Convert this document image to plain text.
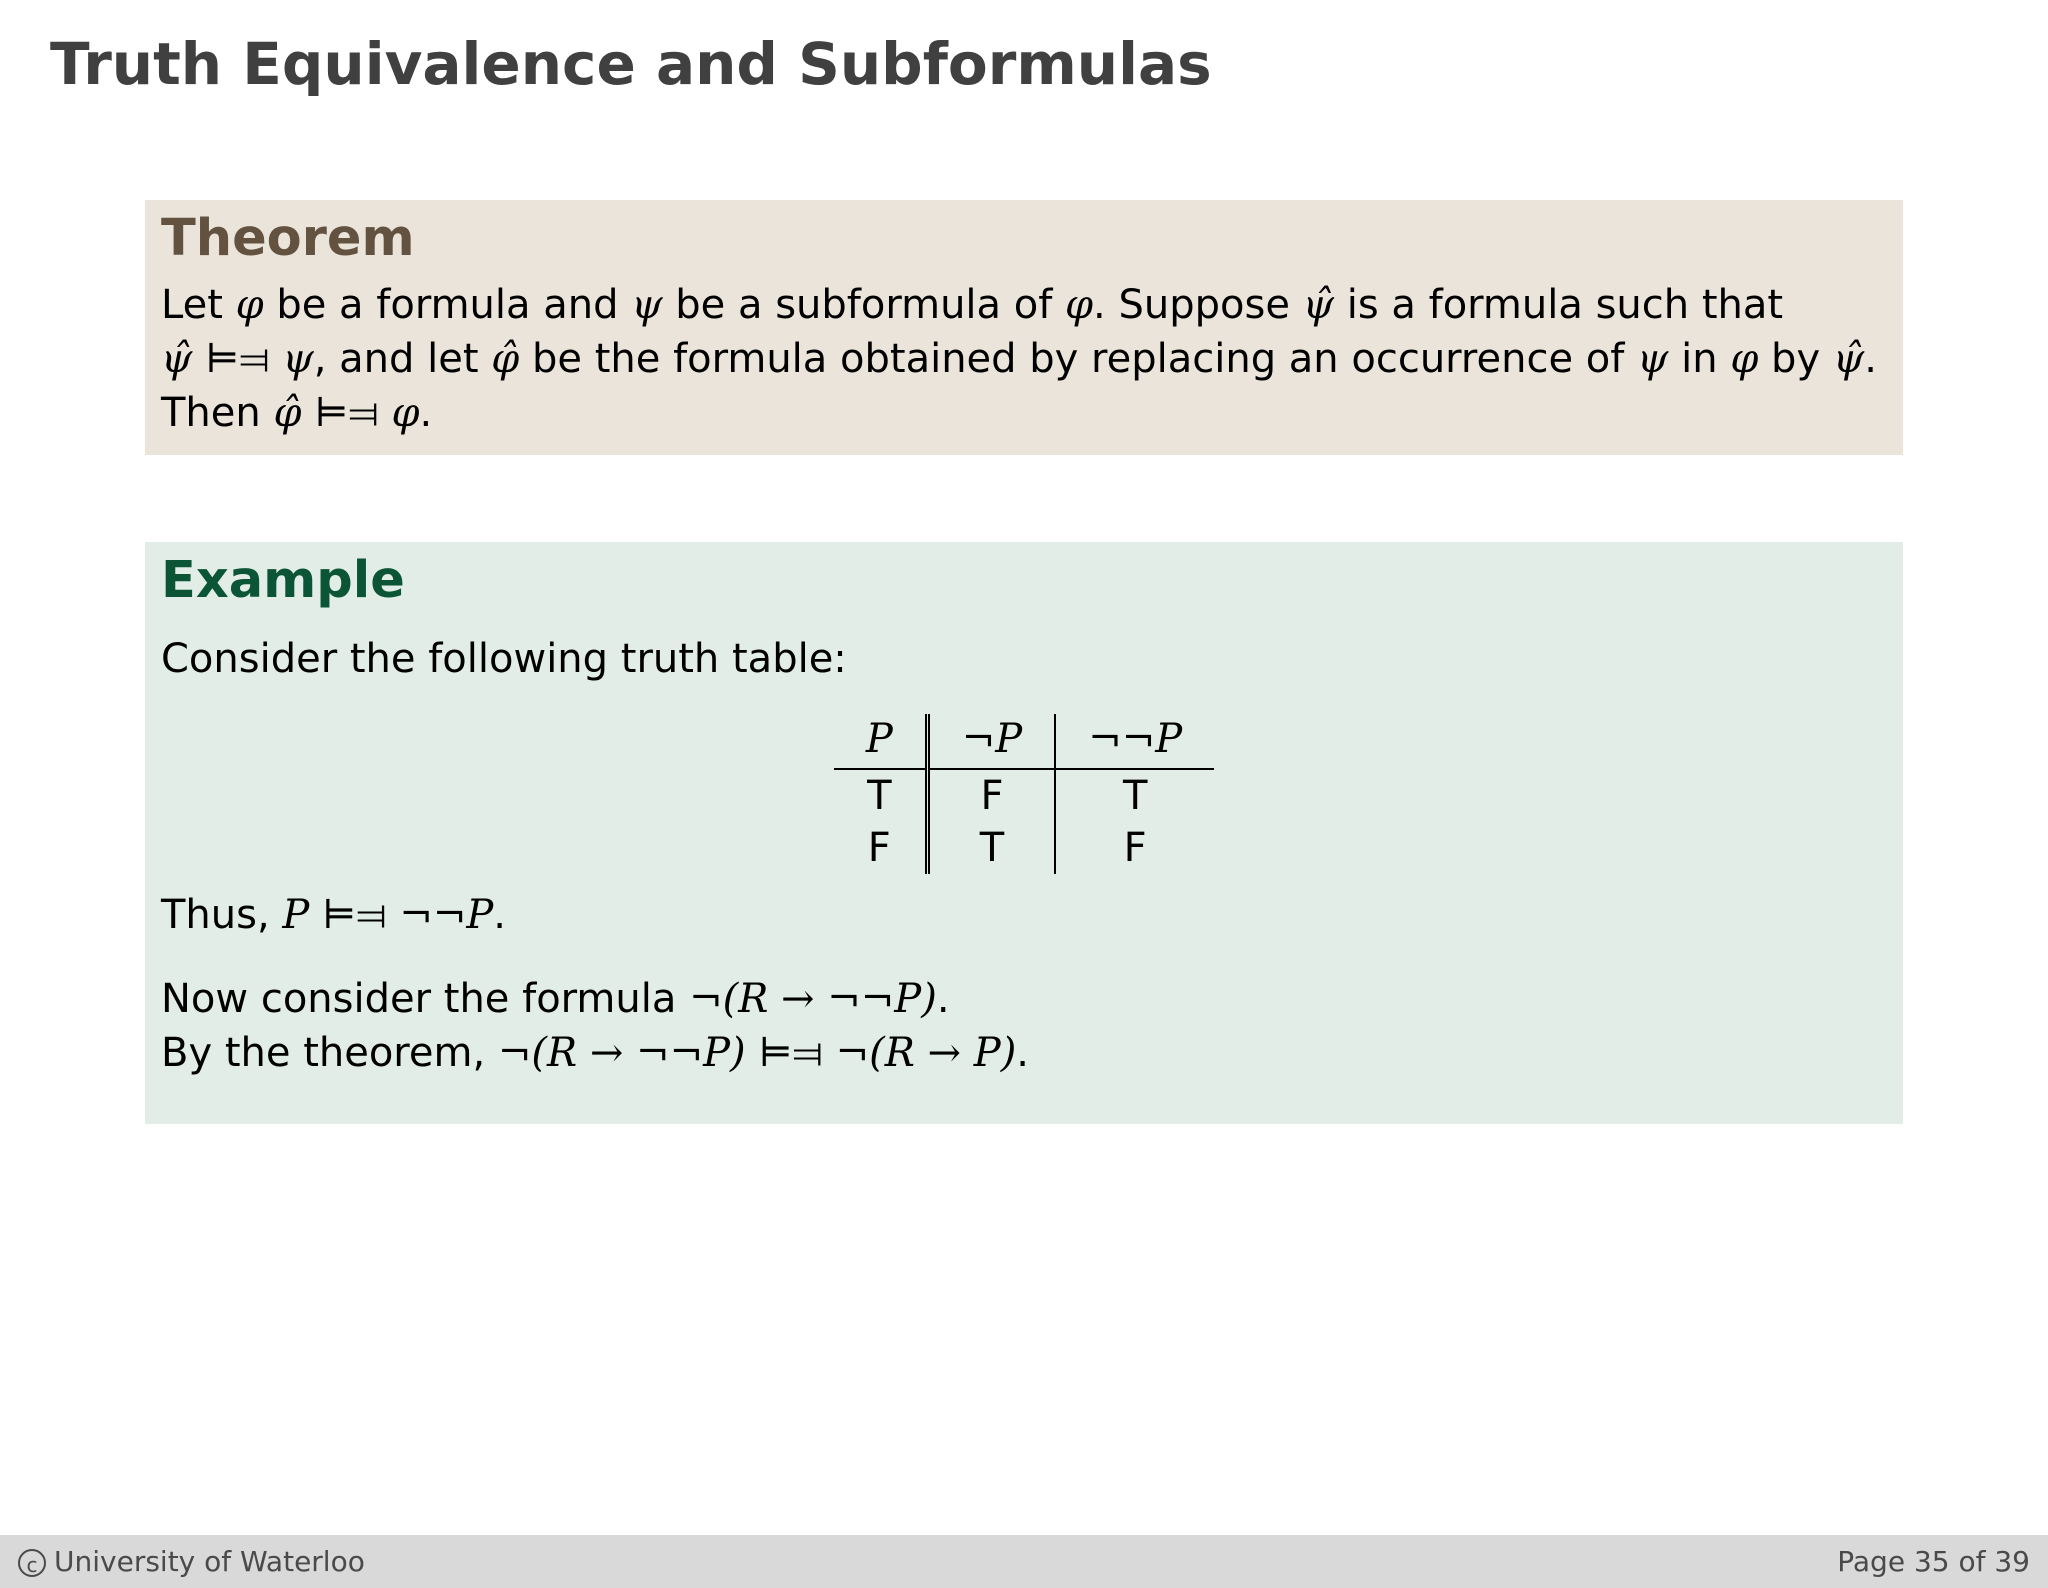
Truth Equivalence and Subformulas
Theorem

Let φ be a formula and ψ be a subformula of φ. Suppose ψ̂ is a formula such that

ψ̂ ⊨⫤ ψ, and let φ̂ be the formula obtained by replacing an occurrence of ψ in φ by ψ̂.

Then φ̂ ⊨⫤ φ.

Example

Consider the following truth table:

P	¬P	¬¬P
T	F	T
F	T	F

Thus, P ⊨⫤ ¬¬P.

Now consider the formula ¬(R → ¬¬P).

By the theorem, ¬(R → ¬¬P) ⊨⫤ ¬(R → P).

c University of Waterloo	Page 35 of 39
